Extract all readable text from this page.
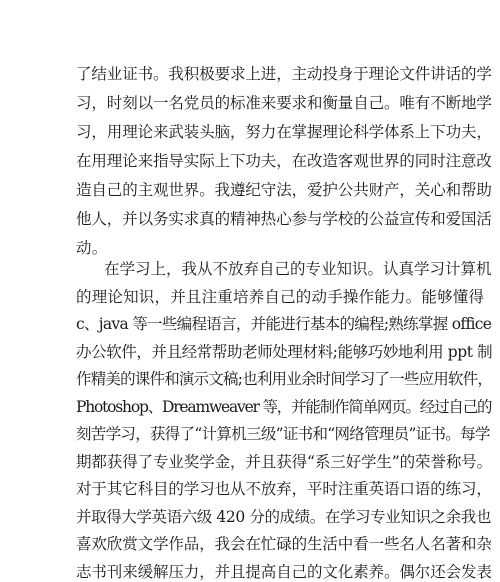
了结业证书。我积极要求上进，主动投身于理论文件讲话的学
习，时刻以一名党员的标准来要求和衡量自己。唯有不断地学
习，用理论来武装头脑，努力在掌握理论科学体系上下功夫，
在用理论来指导实际上下功夫，在改造客观世界的同时注意改
造自己的主观世界。我遵纪守法，爱护公共财产，关心和帮助
他人，并以务实求真的精神热心参与学校的公益宣传和爱国活
动。
在学习上，我从不放弃自己的专业知识。认真学习计算机
的理论知识，并且注重培养自己的动手操作能力。能够懂得
c、java 等一些编程语言，并能进行基本的编程;熟练掌握 office
办公软件，并且经常帮助老师处理材料;能够巧妙地利用 ppt 制
作精美的课件和演示文稿;也利用业余时间学习了一些应用软件，
Photoshop、Dreamweaver 等，并能制作简单网页。经过自己的
刻苦学习，获得了“计算机三级”证书和“网络管理员”证书。每学
期都获得了专业奖学金，并且获得“系三好学生”的荣誉称号。
对于其它科目的学习也从不放弃，平时注重英语口语的练习，
并取得大学英语六级 420 分的成绩。在学习专业知识之余我也
喜欢欣赏文学作品，我会在忙碌的生活中看一些名人名著和杂
志书刊来缓解压力，并且提高自己的文化素养。偶尔还会发表
